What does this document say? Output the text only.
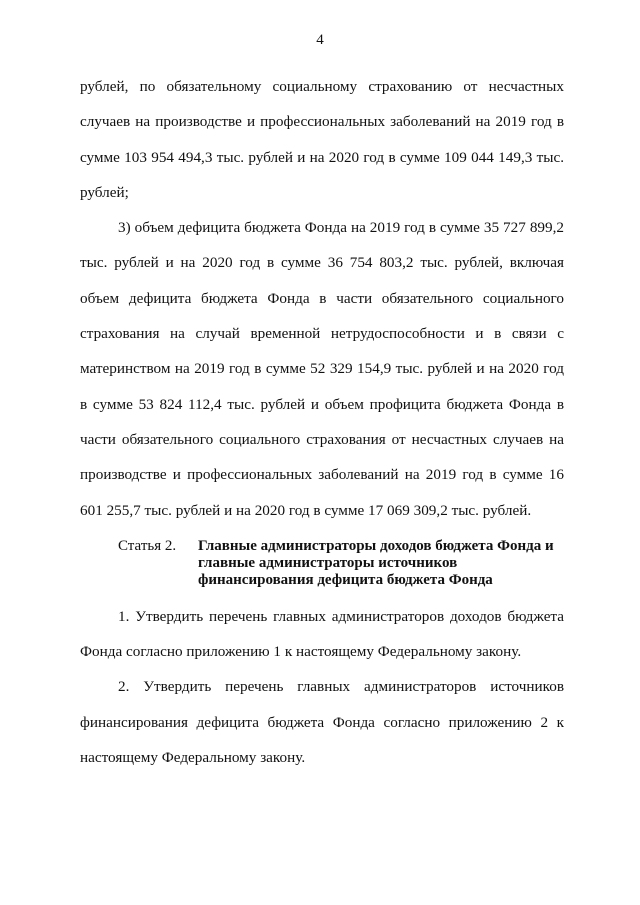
4

рублей, по обязательному социальному страхованию от несчастных случаев на производстве и профессиональных заболеваний на 2019 год в сумме 103 954 494,3 тыс. рублей и на 2020 год в сумме 109 044 149,3 тыс. рублей;

3) объем дефицита бюджета Фонда на 2019 год в сумме 35 727 899,2 тыс. рублей и на 2020 год в сумме 36 754 803,2 тыс. рублей, включая объем дефицита бюджета Фонда в части обязательного социального страхования на случай временной нетрудоспособности и в связи с материнством на 2019 год в сумме 52 329 154,9 тыс. рублей и на 2020 год в сумме 53 824 112,4 тыс. рублей и объем профицита бюджета Фонда в части обязательного социального страхования от несчастных случаев на производстве и профессиональных заболеваний на 2019 год в сумме 16 601 255,7 тыс. рублей и на 2020 год в сумме 17 069 309,2 тыс. рублей.

Статья 2.	Главные администраторы доходов бюджета Фонда и главные администраторы источников финансирования дефицита бюджета Фонда

1. Утвердить перечень главных администраторов доходов бюджета Фонда согласно приложению 1 к настоящему Федеральному закону.

2. Утвердить перечень главных администраторов источников финансирования дефицита бюджета Фонда согласно приложению 2 к настоящему Федеральному закону.
